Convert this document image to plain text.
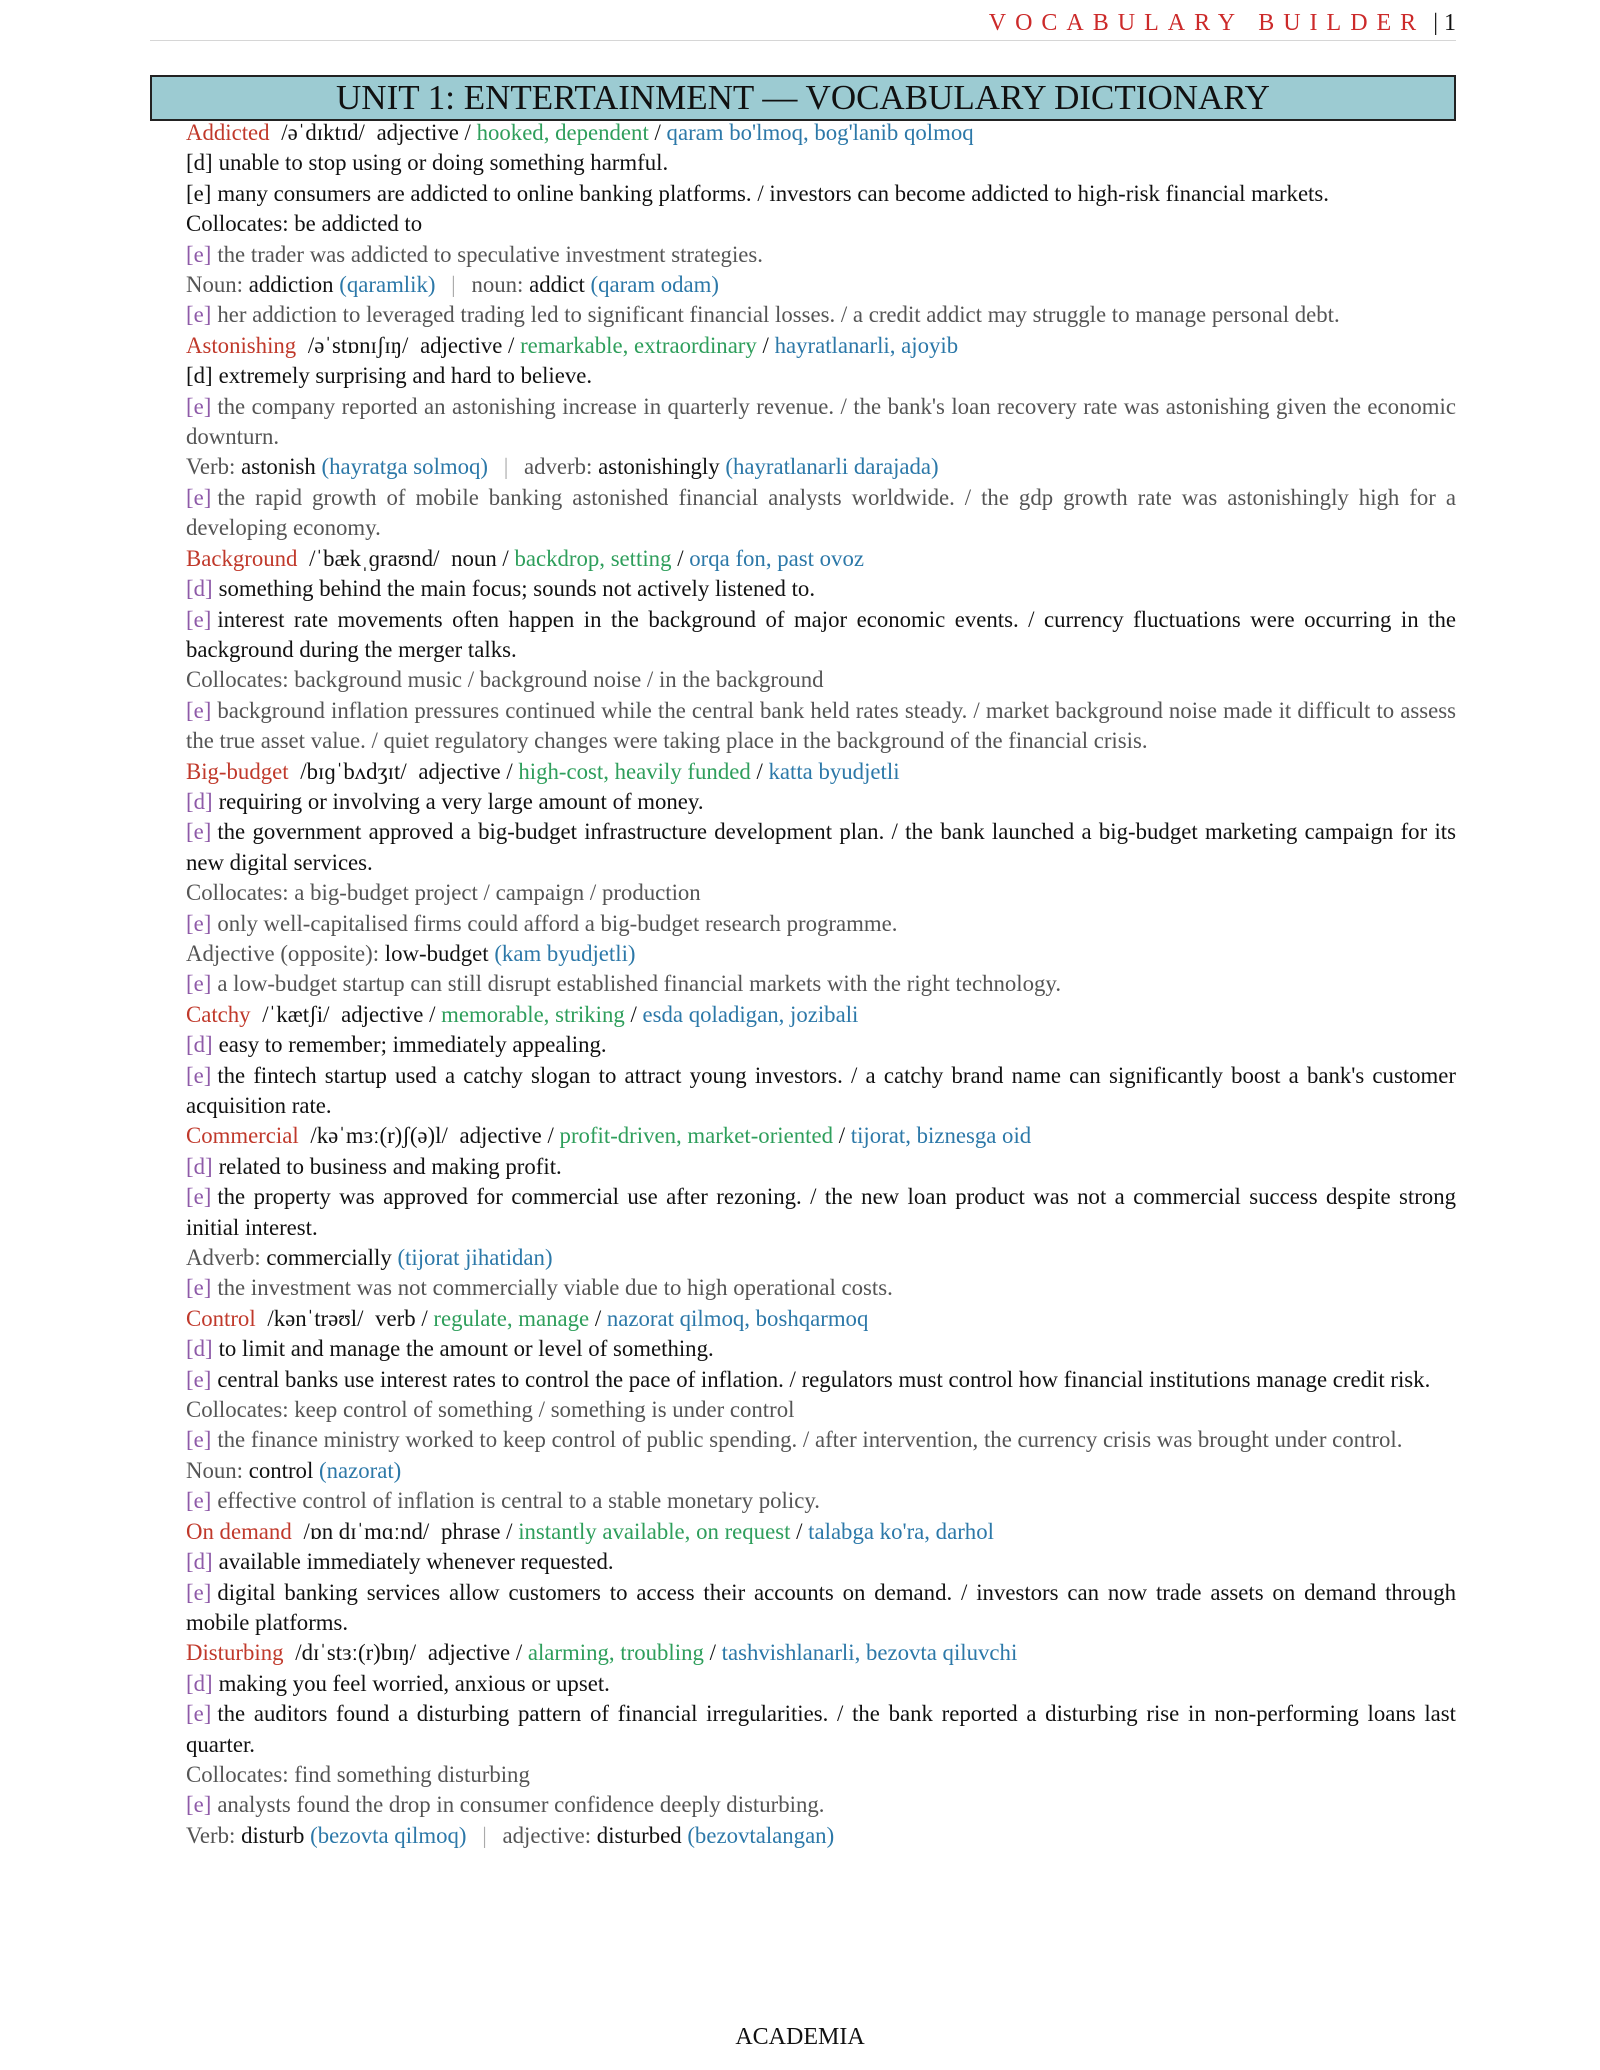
VOCABULARY BUILDER | 1
UNIT 1: ENTERTAINMENT — VOCABULARY DICTIONARY

Addicted /əˈdɪktɪd/ adjective / hooked, dependent / qaram bo'lmoq, bog'lanib qolmoq

[d] unable to stop using or doing something harmful.

[e] many consumers are addicted to online banking platforms. / investors can become addicted to high-risk financial markets.

Collocates: be addicted to

[e] the trader was addicted to speculative investment strategies.

Noun: addiction (qaramlik) | noun: addict (qaram odam)

[e] her addiction to leveraged trading led to significant financial losses. / a credit addict may struggle to manage personal debt.

Astonishing /əˈstɒnɪʃɪŋ/ adjective / remarkable, extraordinary / hayratlanarli, ajoyib

[d] extremely surprising and hard to believe.

[e] the company reported an astonishing increase in quarterly revenue. / the bank's loan recovery rate was astonishing given the economic downturn.

Verb: astonish (hayratga solmoq) | adverb: astonishingly (hayratlanarli darajada)

[e] the rapid growth of mobile banking astonished financial analysts worldwide. / the gdp growth rate was astonishingly high for a developing economy.

Background /ˈbækˌɡraʊnd/ noun / backdrop, setting / orqa fon, past ovoz

[d] something behind the main focus; sounds not actively listened to.

[e] interest rate movements often happen in the background of major economic events. / currency fluctuations were occurring in the background during the merger talks.

Collocates: background music / background noise / in the background

[e] background inflation pressures continued while the central bank held rates steady. / market background noise made it difficult to assess the true asset value. / quiet regulatory changes were taking place in the background of the financial crisis.

Big-budget /bɪɡˈbʌdʒɪt/ adjective / high-cost, heavily funded / katta byudjetli

[d] requiring or involving a very large amount of money.

[e] the government approved a big-budget infrastructure development plan. / the bank launched a big-budget marketing campaign for its new digital services.

Collocates: a big-budget project / campaign / production

[e] only well-capitalised firms could afford a big-budget research programme.

Adjective (opposite): low-budget (kam byudjetli)

[e] a low-budget startup can still disrupt established financial markets with the right technology.

Catchy /ˈkætʃi/ adjective / memorable, striking / esda qoladigan, jozibali

[d] easy to remember; immediately appealing.

[e] the fintech startup used a catchy slogan to attract young investors. / a catchy brand name can significantly boost a bank's customer acquisition rate.

Commercial /kəˈmɜː(r)ʃ(ə)l/ adjective / profit-driven, market-oriented / tijorat, biznesga oid

[d] related to business and making profit.

[e] the property was approved for commercial use after rezoning. / the new loan product was not a commercial success despite strong initial interest.

Adverb: commercially (tijorat jihatidan)

[e] the investment was not commercially viable due to high operational costs.

Control /kənˈtrəʊl/ verb / regulate, manage / nazorat qilmoq, boshqarmoq

[d] to limit and manage the amount or level of something.

[e] central banks use interest rates to control the pace of inflation. / regulators must control how financial institutions manage credit risk.

Collocates: keep control of something / something is under control

[e] the finance ministry worked to keep control of public spending. / after intervention, the currency crisis was brought under control.

Noun: control (nazorat)

[e] effective control of inflation is central to a stable monetary policy.

On demand /ɒn dɪˈmɑːnd/ phrase / instantly available, on request / talabga ko'ra, darhol

[d] available immediately whenever requested.

[e] digital banking services allow customers to access their accounts on demand. / investors can now trade assets on demand through mobile platforms.

Disturbing /dɪˈstɜː(r)bɪŋ/ adjective / alarming, troubling / tashvishlanarli, bezovta qiluvchi

[d] making you feel worried, anxious or upset.

[e] the auditors found a disturbing pattern of financial irregularities. / the bank reported a disturbing rise in non-performing loans last quarter.

Collocates: find something disturbing

[e] analysts found the drop in consumer confidence deeply disturbing.

Verb: disturb (bezovta qilmoq) | adjective: disturbed (bezovtalangan)

ACADEMIA
